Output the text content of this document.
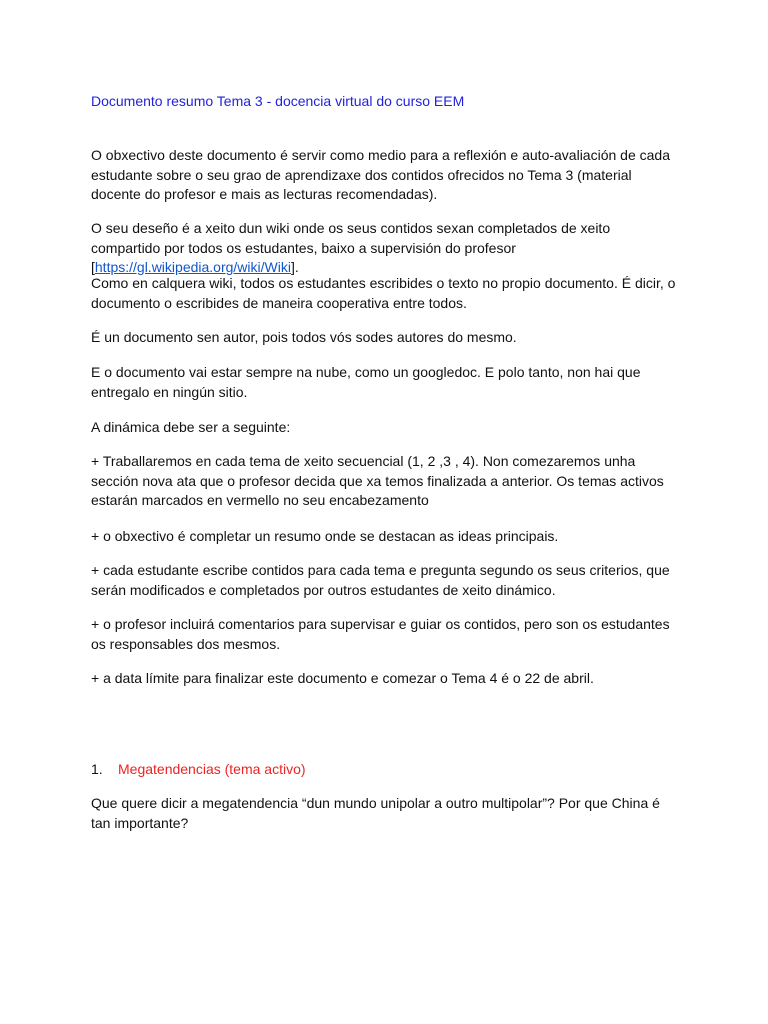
Documento resumo Tema 3 - docencia virtual do curso EEM

O obxectivo deste documento é servir como medio para a reflexión e auto-avaliación de cada estudante sobre o seu grao de aprendizaxe dos contidos ofrecidos no Tema 3 (material docente do profesor e mais as lecturas recomendadas).

O seu deseño é a xeito dun wiki onde os seus contidos sexan completados de xeito compartido por todos os estudantes, baixo a supervisión do profesor [https://gl.wikipedia.org/wiki/Wiki].

Como en calquera wiki, todos os estudantes escribides o texto no propio documento. É dicir, o documento o escribides de maneira cooperativa entre todos.

É un documento sen autor, pois todos vós sodes autores do mesmo.

E o documento vai estar sempre na nube, como un googledoc. E polo tanto, non hai que entregalo en ningún sitio.

A dinámica debe ser a seguinte:

+ Traballaremos en cada tema de xeito secuencial (1, 2 ,3 , 4). Non comezaremos unha sección nova ata que o profesor decida que xa temos finalizada a anterior. Os temas activos estarán marcados en vermello no seu encabezamento

+ o obxectivo é completar un resumo onde se destacan as ideas principais.

+ cada estudante escribe contidos para cada tema e pregunta segundo os seus criterios, que serán modificados e completados por outros estudantes de xeito dinámico.

+ o profesor incluirá comentarios para supervisar e guiar os contidos, pero son os estudantes os responsables dos mesmos.

+ a data límite para finalizar este documento e comezar o Tema 4 é o 22 de abril.

1. Megatendencias (tema activo)

Que quere dicir a megatendencia “dun mundo unipolar a outro multipolar”? Por que China é tan importante?
